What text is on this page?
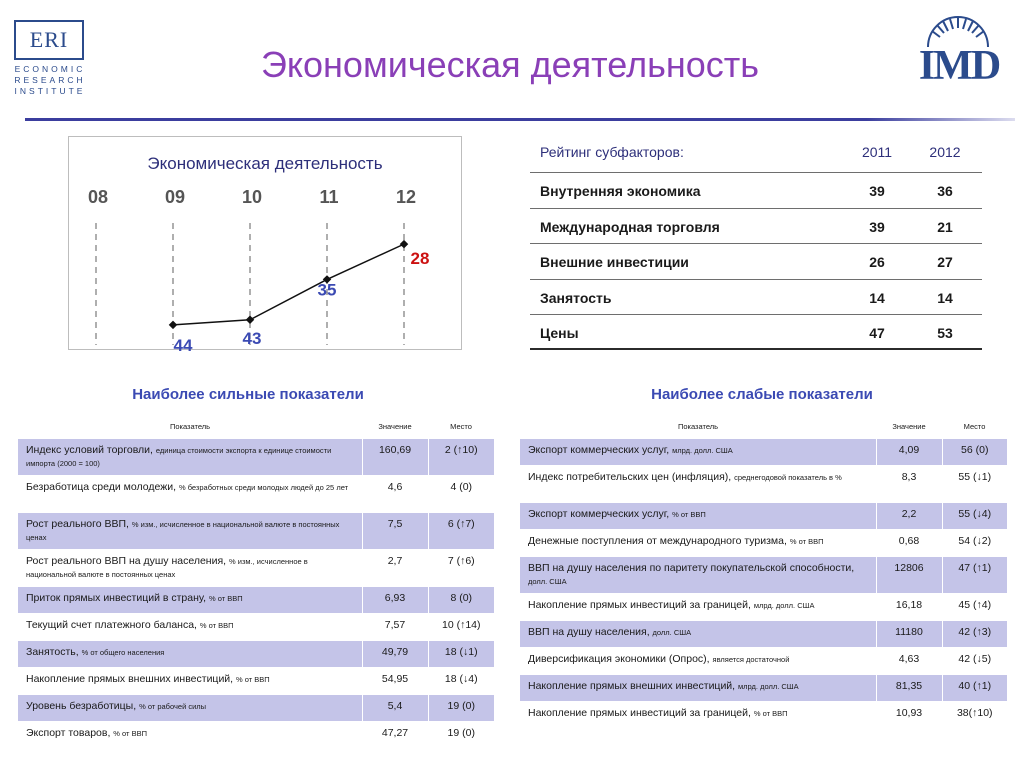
ERI
ECONOMIC
RESEARCH
INSTITUTE
Экономическая деятельность	IMD
Экономическая деятельность
08	09	10	11	12
44	43
35
28
Рейтинг субфакторов:	2011	2012
Внутренняя экономика	39	36
Международная торговля	39	21
Внешние инвестиции	26	27
Занятость	14	14
Цены	47	53
Наиболее сильные показатели
Показатель	Значение	Место
Индекс условий торговли, единица стоимости экспорта к единице стоимости импорта (2000 = 100)	160,69	2 (↑10)
Безработица среди молодежи, % безработных среди молодых людей до 25 лет	4,6	4 (0)
Рост реального ВВП, % изм., исчисленное в национальной валюте в постоянных ценах	7,5	6 (↑7)
Рост реального ВВП на душу населения, % изм., исчисленное в национальной валюте в постоянных ценах	2,7	7 (↑6)
Приток прямых инвестиций в страну, % от ВВП	6,93	8 (0)
Текущий счет платежного баланса, % от ВВП	7,57	10 (↑14)
Занятость, % от общего населения	49,79	18 (↓1)
Накопление прямых внешних инвестиций, % от ВВП	54,95	18 (↓4)
Уровень безработицы, % от рабочей силы	5,4	19 (0)
Экспорт товаров, % от ВВП	47,27	19 (0)
Наиболее слабые показатели
Показатель	Значение	Место
Экспорт коммерческих услуг, млрд. долл. США	4,09	56 (0)
Индекс потребительских цен (инфляция), среднегодовой показатель в %	8,3	55 (↓1)
Экспорт коммерческих услуг, % от ВВП	2,2	55 (↓4)
Денежные поступления от международного туризма, % от ВВП	0,68	54 (↓2)
ВВП на душу населения по паритету покупательской способности, долл. США	12806	47 (↑1)
Накопление прямых инвестиций за границей, млрд. долл. США	16,18	45 (↑4)
ВВП на душу населения, долл. США	11180	42 (↑3)
Диверсификация экономики (Опрос), является достаточной	4,63	42 (↓5)
Накопление прямых внешних инвестиций, млрд. долл. США	81,35	40 (↑1)
Накопление прямых инвестиций за границей, % от ВВП	10,93	38(↑10)
